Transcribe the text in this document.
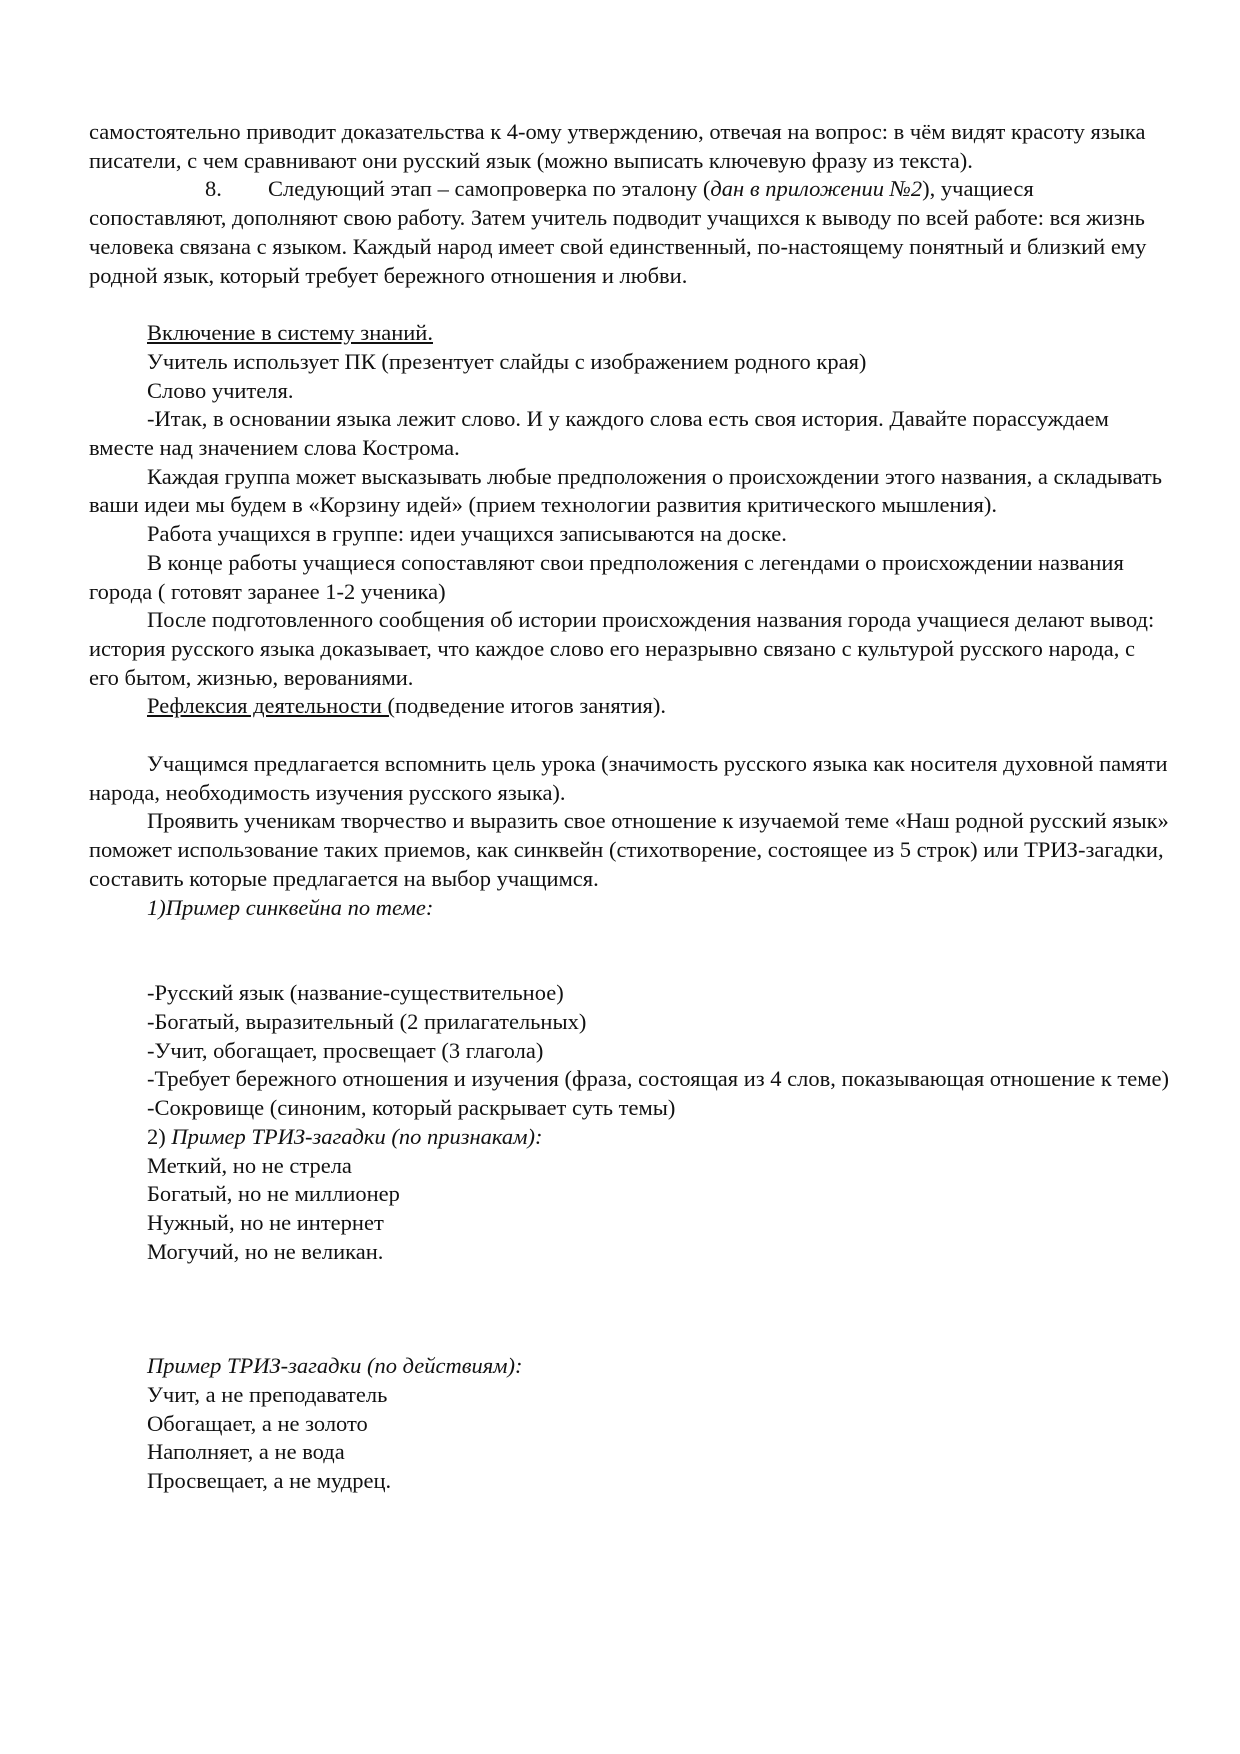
самостоятельно приводит доказательства к 4-ому утверждению, отвечая на вопрос: в чём видят красоту языка писатели, с чем сравнивают они русский язык (можно выписать ключевую фразу из текста).

8. Следующий этап – самопроверка по эталону (дан в приложении №2), учащиеся сопоставляют, дополняют свою работу. Затем учитель подводит учащихся к выводу по всей работе: вся жизнь человека связана с языком. Каждый народ имеет свой единственный, по-настоящему понятный и близкий ему родной язык, который требует бережного отношения и любви.

Включение в систему знаний.

Учитель использует ПК (презентует слайды с изображением родного края)

Слово учителя.

-Итак, в основании языка лежит слово. И у каждого слова есть своя история. Давайте порассуждаем вместе над значением слова Кострома.

Каждая группа может высказывать любые предположения о происхождении этого названия, а складывать ваши идеи мы будем в «Корзину идей» (прием технологии развития критического мышления).

Работа учащихся в группе: идеи учащихся записываются на доске.

В конце работы учащиеся сопоставляют свои предположения с легендами о происхождении названия города ( готовят заранее 1-2 ученика)

После подготовленного сообщения об истории происхождения названия города учащиеся делают вывод: история русского языка доказывает, что каждое слово его неразрывно связано с культурой русского народа, с его бытом, жизнью, верованиями.

Рефлексия деятельности (подведение итогов занятия).

Учащимся предлагается вспомнить цель урока (значимость русского языка как носителя духовной памяти народа, необходимость изучения русского языка).

Проявить ученикам творчество и выразить свое отношение к изучаемой теме «Наш родной русский язык» поможет использование таких приемов, как синквейн (стихотворение, состоящее из 5 строк) или ТРИЗ-загадки, составить которые предлагается на выбор учащимся.

1)Пример синквейна по теме:

-Русский язык (название-существительное)

-Богатый, выразительный (2 прилагательных)

-Учит, обогащает, просвещает (3 глагола)

-Требует бережного отношения и изучения (фраза, состоящая из 4 слов, показывающая отношение к теме)

-Сокровище (синоним, который раскрывает суть темы)

2) Пример ТРИЗ-загадки (по признакам):

Меткий, но не стрела

Богатый, но не миллионер

Нужный, но не интернет

Могучий, но не великан.

Пример ТРИЗ-загадки (по действиям):

Учит, а не преподаватель

Обогащает, а не золото

Наполняет, а не вода

Просвещает, а не мудрец.
